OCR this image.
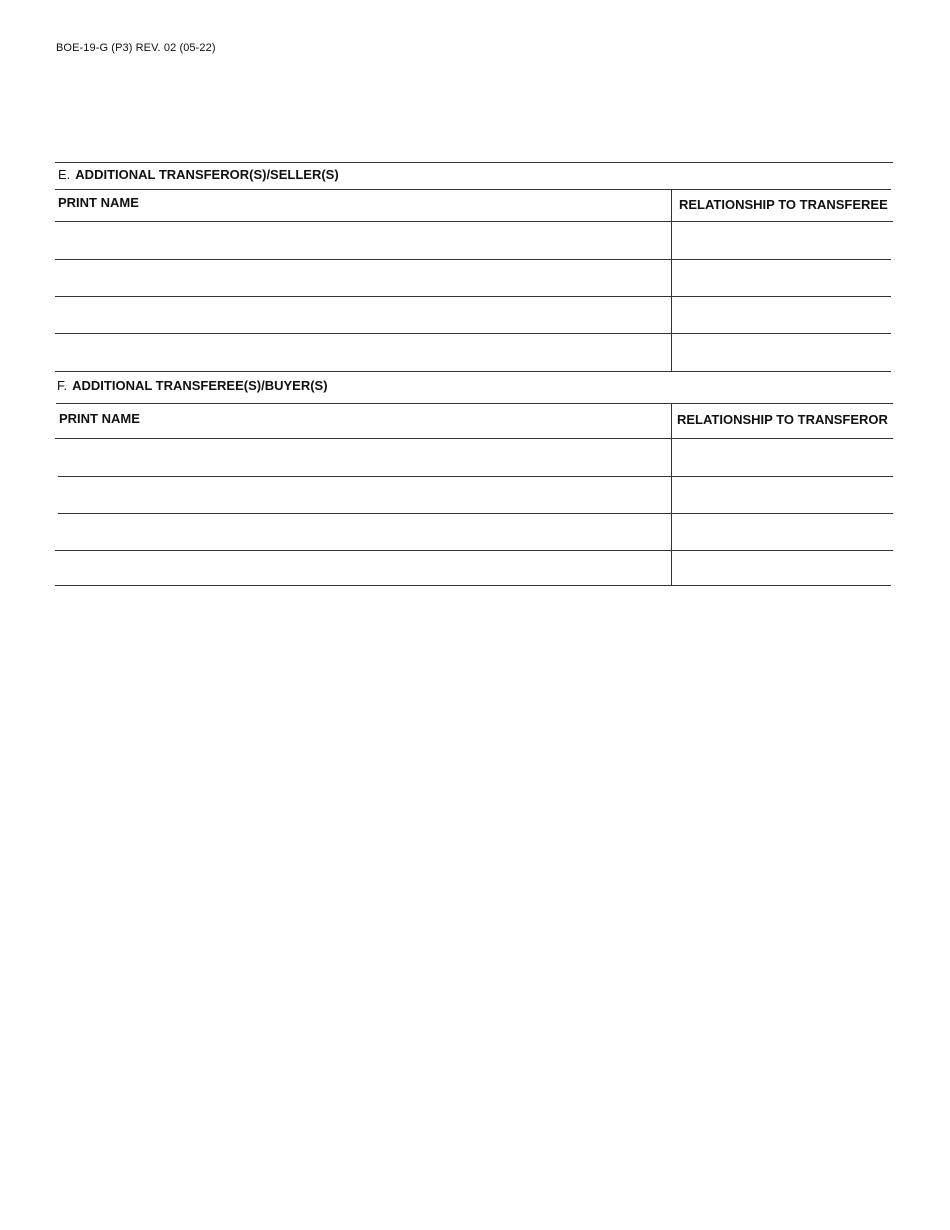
BOE-19-G (P3) REV. 02 (05-22)
E. ADDITIONAL TRANSFEROR(S)/SELLER(S)
PRINT NAME	RELATIONSHIP TO TRANSFEREE
F. ADDITIONAL TRANSFEREE(S)/BUYER(S)
PRINT NAME	RELATIONSHIP TO TRANSFEROR
